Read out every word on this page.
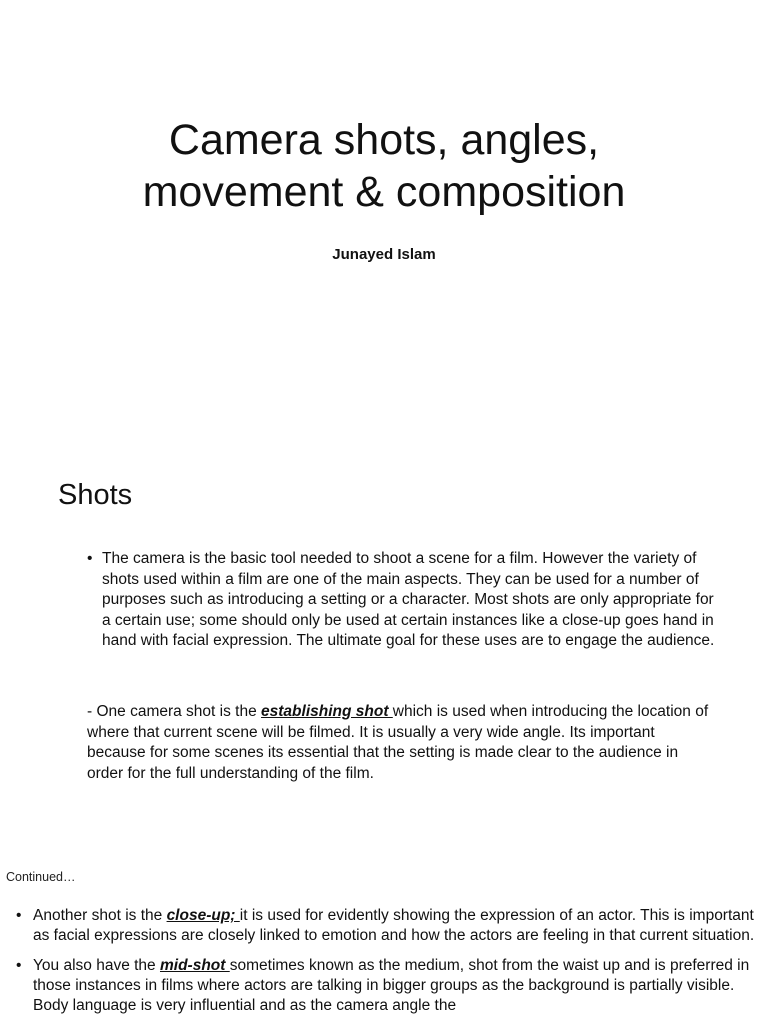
Camera shots, angles,
movement & composition
Junayed Islam
Shots
• The camera is the basic tool needed to shoot a scene for a film. However the variety of shots used within a film are one of the main aspects. They can be used for a number of purposes such as introducing a setting or a character. Most shots are only appropriate for a certain use; some should only be used at certain instances like a close-up goes hand in hand with facial expression. The ultimate goal for these uses are to engage the audience.
- One camera shot is the establishing shot which is used when introducing the location of where that current scene will be filmed. It is usually a very wide angle. Its important because for some scenes its essential that the setting is made clear to the audience in order for the full understanding of the film.
Continued…
• Another shot is the close-up; it is used for evidently showing the expression of an actor. This is important as facial expressions are closely linked to emotion and how the actors are feeling in that current situation.
• You also have the mid-shot sometimes known as the medium, shot from the waist up and is preferred in those instances in films where actors are talking in bigger groups as the background is partially visible. Body language is very influential and as the camera angle the
